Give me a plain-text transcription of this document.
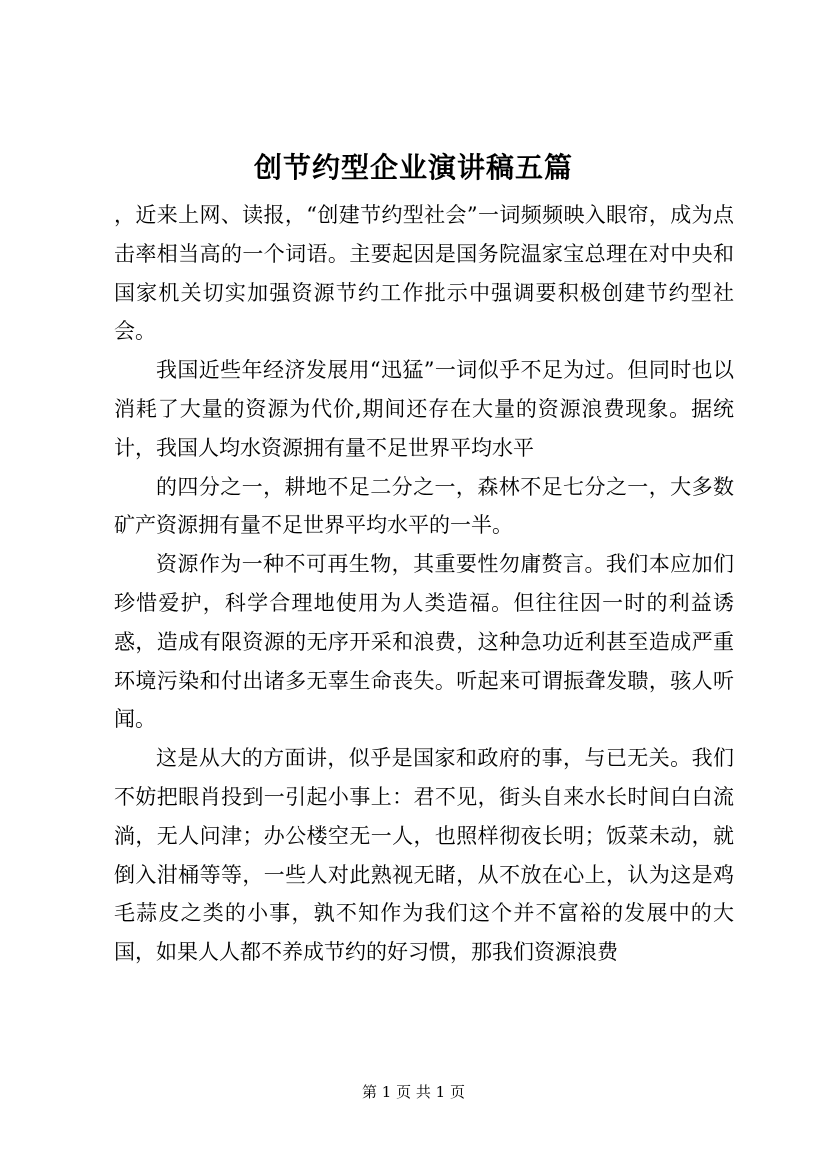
创节约型企业演讲稿五篇

，近来上网、读报，“创建节约型社会”一词频频映入眼帘，成为点击率相当高的一个词语。主要起因是国务院温家宝总理在对中央和国家机关切实加强资源节约工作批示中强调要积极创建节约型社会。

我国近些年经济发展用“迅猛”一词似乎不足为过。但同时也以消耗了大量的资源为代价,期间还存在大量的资源浪费现象。据统计，我国人均水资源拥有量不足世界平均水平

的四分之一，耕地不足二分之一，森林不足七分之一，大多数矿产资源拥有量不足世界平均水平的一半。

资源作为一种不可再生物，其重要性勿庸赘言。我们本应加们珍惜爱护，科学合理地使用为人类造福。但往往因一时的利益诱惑，造成有限资源的无序开采和浪费，这种急功近利甚至造成严重环境污染和付出诸多无辜生命丧失。听起来可谓振聋发聩，骇人听闻。

这是从大的方面讲，似乎是国家和政府的事，与已无关。我们不妨把眼肖投到一引起小事上：君不见，街头自来水长时间白白流淌，无人问津；办公楼空无一人，也照样彻夜长明；饭菜未动，就倒入泔桶等等，一些人对此熟视无睹，从不放在心上，认为这是鸡毛蒜皮之类的小事，孰不知作为我们这个并不富裕的发展中的大国，如果人人都不养成节约的好习惯，那我们资源浪费

第 1 页 共 1 页
